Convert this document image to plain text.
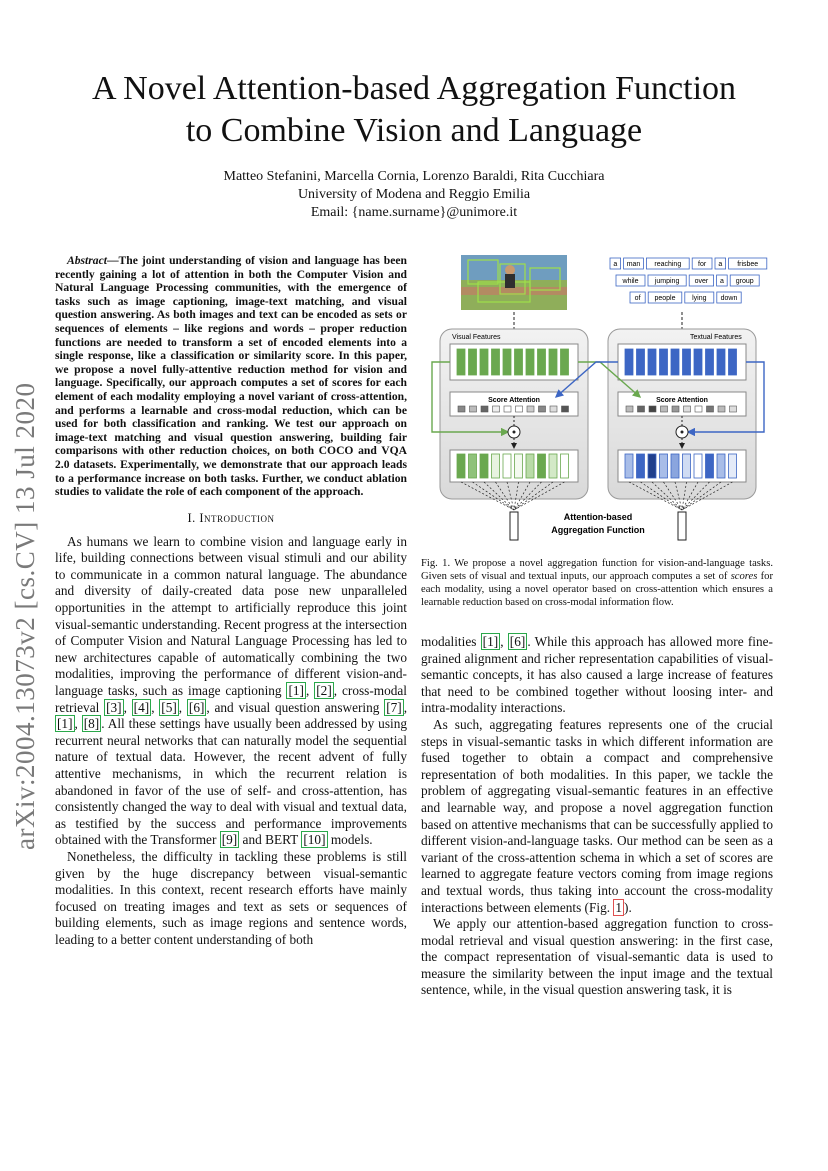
arXiv:2004.13073v2 [cs.CV] 13 Jul 2020
A Novel Attention-based Aggregation Function
to Combine Vision and Language
Matteo Stefanini, Marcella Cornia, Lorenzo Baraldi, Rita Cucchiara
University of Modena and Reggio Emilia
Email: {name.surname}@unimore.it

Abstract—The joint understanding of vision and language has been recently gaining a lot of attention in both the Computer Vision and Natural Language Processing communities, with the emergence of tasks such as image captioning, image-text matching, and visual question answering. As both images and text can be encoded as sets or sequences of elements – like regions and words – proper reduction functions are needed to transform a set of encoded elements into a single response, like a classification or similarity score. In this paper, we propose a novel fully-attentive reduction method for vision and language. Specifically, our approach computes a set of scores for each element of each modality employing a novel variant of cross-attention, and performs a learnable and cross-modal reduction, which can be used for both classification and ranking. We test our approach on image-text matching and visual question answering, building fair comparisons with other reduction choices, on both COCO and VQA 2.0 datasets. Experimentally, we demonstrate that our approach leads to a performance increase on both tasks. Further, we conduct ablation studies to validate the role of each component of the approach.

I. Introduction

As humans we learn to combine vision and language early in life, building connections between visual stimuli and our ability to communicate in a common natural language. The abundance and diversity of daily-created data pose new unparalleled opportunities in the attempt to artificially reproduce this joint visual-semantic understanding. Recent progress at the intersection of Computer Vision and Natural Language Processing has led to new architectures capable of automatically combining the two modalities, improving the performance of different vision-and-language tasks, such as image captioning [1] , [2] , cross-modal retrieval [3] , [4] , [5] , [6] , and visual question answering [7] , [1] , [8] . All these settings have usually been addressed by using recurrent neural networks that can naturally model the sequential nature of textual data. However, the recent advent of fully attentive mechanisms, in which the recurrent relation is abandoned in favor of the use of self- and cross-attention, has consistently changed the way to deal with visual and textual data, as testified by the success and performance improvements obtained with the Transformer [9] and BERT [10] models.

Nonetheless, the difficulty in tackling these problems is still given by the huge discrepancy between visual-semantic modalities. In this context, recent research efforts have mainly focused on treating images and text as sets or sequences of building elements, such as image regions and sentence words, leading to a better content understanding of both

a man reaching for a frisbee
while jumping over a group
of people lying down
Visual Features	Textual Features
Score Attention	Score Attention
Attention-based
Aggregation Function
Fig. 1. We propose a novel aggregation function for vision-and-language tasks. Given sets of visual and textual inputs, our approach computes a set of scores for each modality, using a novel operator based on cross-attention which ensures a learnable reduction based on cross-modal information flow.

modalities [1] , [6] . While this approach has allowed more fine-grained alignment and richer representation capabilities of visual-semantic concepts, it has also caused a large increase of features that need to be combined together without loosing inter- and intra-modality interactions.

As such, aggregating features represents one of the crucial steps in visual-semantic tasks in which different information are fused together to obtain a compact and comprehensive representation of both modalities. In this paper, we tackle the problem of aggregating visual-semantic features in an effective and learnable way, and propose a novel aggregation function based on attentive mechanisms that can be successfully applied to different vision-and-language tasks. Our method can be seen as a variant of the cross-attention schema in which a set of scores are learned to aggregate feature vectors coming from image regions and textual words, thus taking into account the cross-modality interactions between elements (Fig. 1 ).

We apply our attention-based aggregation function to cross-modal retrieval and visual question answering: in the first case, the compact representation of visual-semantic data is used to measure the similarity between the input image and the textual sentence, while, in the visual question answering task, it is
